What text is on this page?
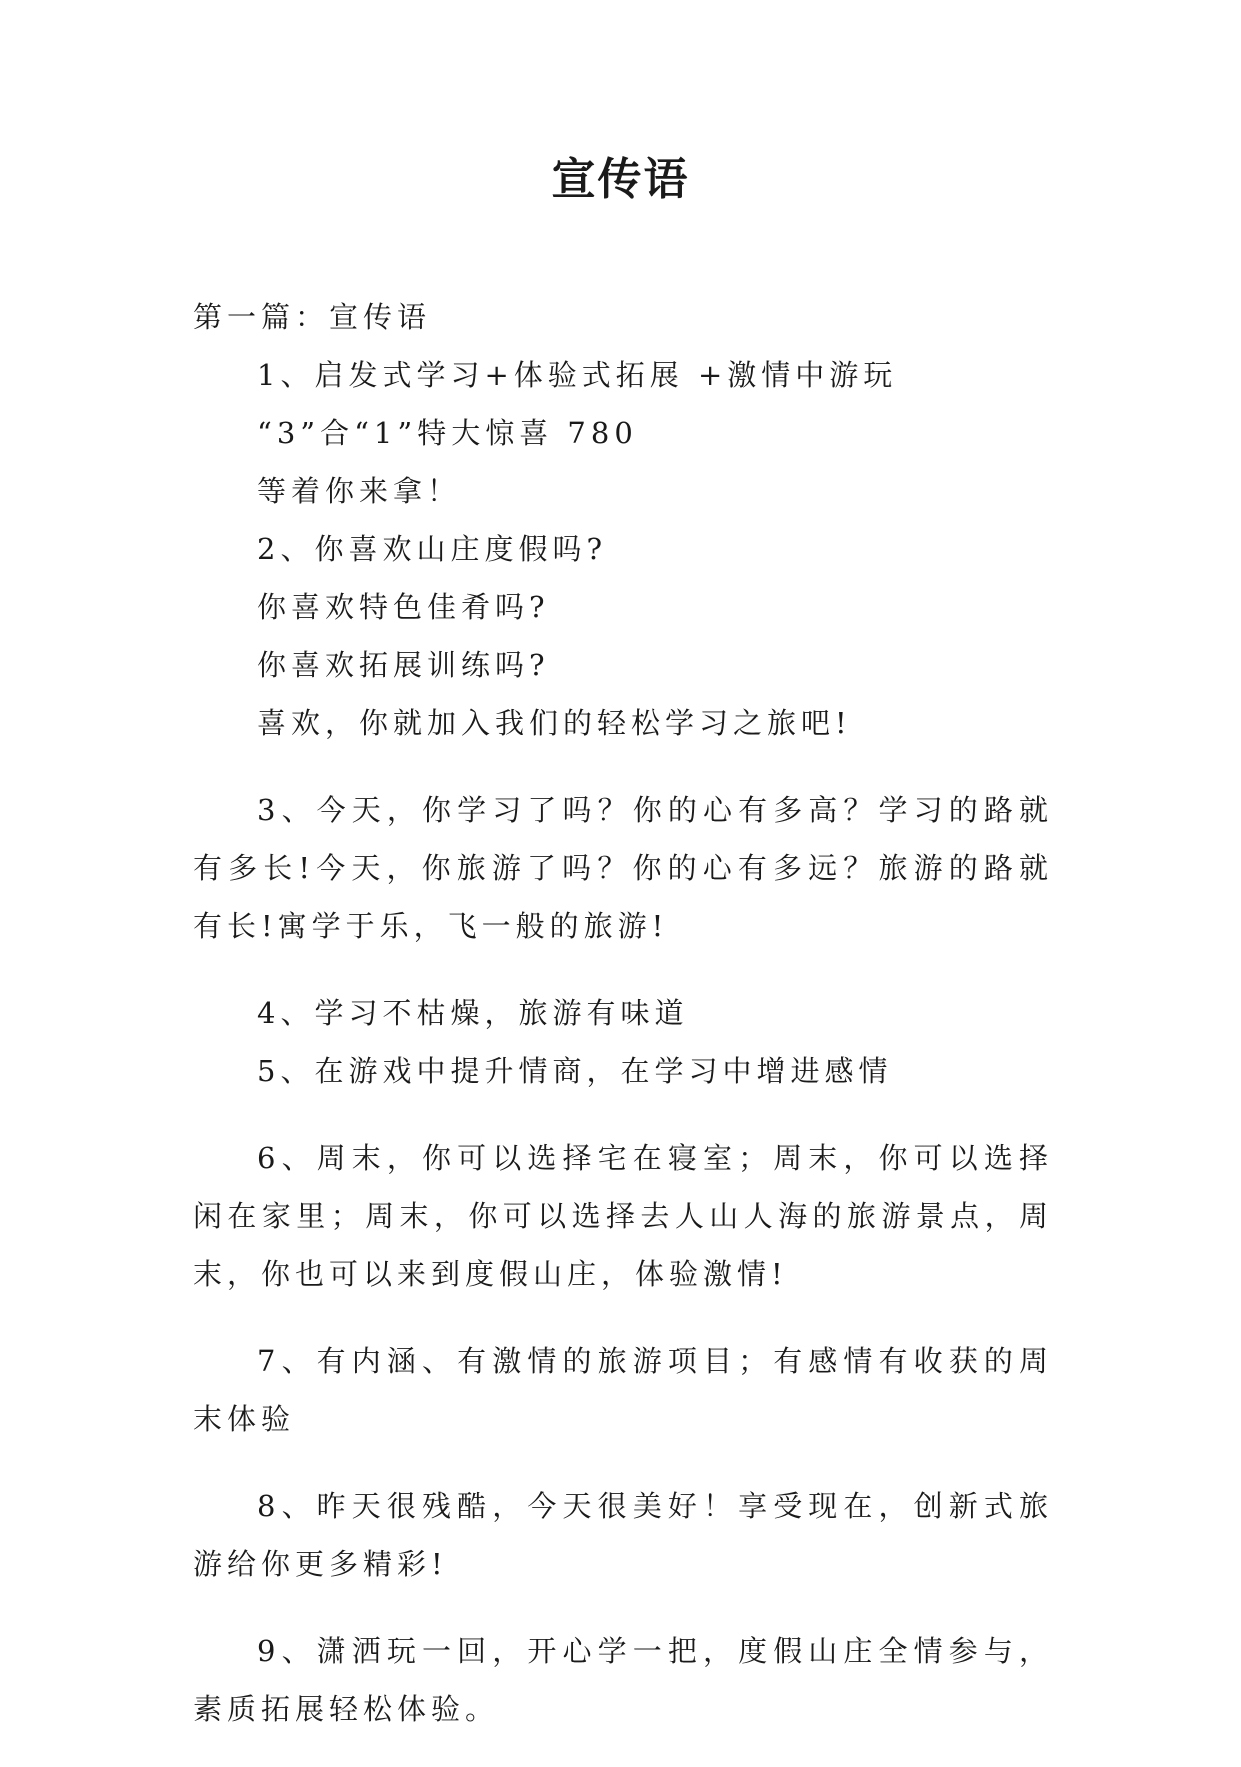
宣传语

第一篇：宣传语

1、启发式学习+体验式拓展 +激情中游玩

“3”合“1”特大惊喜 780

等着你来拿！

2、你喜欢山庄度假吗?

你喜欢特色佳肴吗?

你喜欢拓展训练吗?

喜欢，你就加入我们的轻松学习之旅吧!

3、今天，你学习了吗？你的心有多高？学习的路就有多长!今天，你旅游了吗？你的心有多远？旅游的路就有长!寓学于乐，飞一般的旅游!

4、学习不枯燥，旅游有味道

5、在游戏中提升情商，在学习中增进感情

6、周末，你可以选择宅在寝室；周末，你可以选择闲在家里；周末，你可以选择去人山人海的旅游景点，周末，你也可以来到度假山庄，体验激情!

7、有内涵、有激情的旅游项目；有感情有收获的周末体验

8、昨天很残酷，今天很美好！享受现在，创新式旅游给你更多精彩!

9、潇洒玩一回，开心学一把，度假山庄全情参与，素质拓展轻松体验。
